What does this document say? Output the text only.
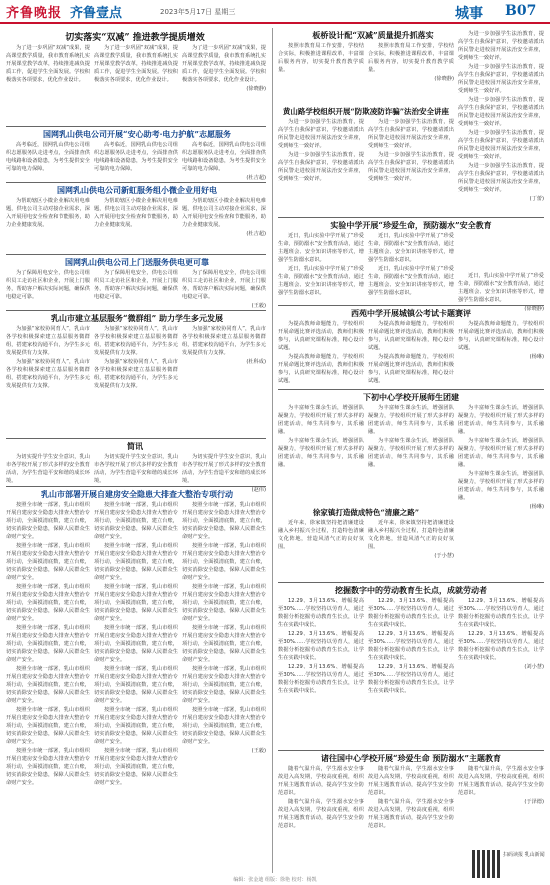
齐鲁晚报 齐鲁壹点	2023年5月17日 星期三	城事 B07
切实落实“双减” 推进教学提质增效

为了进一步巩固“双减”成果，提高课堂教学质量，我市教育系统扎实开展课堂教学改革，持续推进减负提质工作，促进学生全面发展。学校积极落实各项要求，优化作业设计。

为了进一步巩固“双减”成果，提高课堂教学质量，我市教育系统扎实开展课堂教学改革，持续推进减负提质工作，促进学生全面发展。学校积极落实各项要求，优化作业设计。

为了进一步巩固“双减”成果，提高课堂教学质量，我市教育系统扎实开展课堂教学改革，持续推进减负提质工作，促进学生全面发展。学校积极落实各项要求，优化作业设计。

(徐晓静)

国网乳山供电公司开展“安心助考·电力护航”志愿服务

高考临近，国网乳山供电公司组织志愿服务队走进考点，全面排查供电线路和设备隐患，为考生提供安全可靠的电力保障。

高考临近，国网乳山供电公司组织志愿服务队走进考点，全面排查供电线路和设备隐患，为考生提供安全可靠的电力保障。

高考临近，国网乳山供电公司组织志愿服务队走进考点，全面排查供电线路和设备隐患，为考生提供安全可靠的电力保障。

(杜吉超)

国网乳山供电公司新虹服务组小微企业用好电

为帮助辖区小微企业解决用电难题，供电公司主动对接企业需求，深入开展用电安全检查和节能服务，助力企业健康发展。

为帮助辖区小微企业解决用电难题，供电公司主动对接企业需求，深入开展用电安全检查和节能服务，助力企业健康发展。

为帮助辖区小微企业解决用电难题，供电公司主动对接企业需求，深入开展用电安全检查和节能服务，助力企业健康发展。

(杜吉超)

国网乳山供电公司上门送服务供电更可靠

为了保障用电安全，供电公司组织员工走访社区和企业，开展上门服务，帮助客户解决实际问题，确保供电稳定可靠。

为了保障用电安全，供电公司组织员工走访社区和企业，开展上门服务，帮助客户解决实际问题，确保供电稳定可靠。

为了保障用电安全，供电公司组织员工走访社区和企业，开展上门服务，帮助客户解决实际问题，确保供电稳定可靠。

(王毅)

乳山市建立基层服务“微群组” 助力学生多元发展

为加强“家校协同育人”，乳山市各学校积极探索建立基层服务微群组，搭建家校沟通平台，为学生多元发展提供有力支撑。

为加强“家校协同育人”，乳山市各学校积极探索建立基层服务微群组，搭建家校沟通平台，为学生多元发展提供有力支撑。

为加强“家校协同育人”，乳山市各学校积极探索建立基层服务微群组，搭建家校沟通平台，为学生多元发展提供有力支撑。

为加强“家校协同育人”，乳山市各学校积极探索建立基层服务微群组，搭建家校沟通平台，为学生多元发展提供有力支撑。

为加强“家校协同育人”，乳山市各学校积极探索建立基层服务微群组，搭建家校沟通平台，为学生多元发展提供有力支撑。

(杜科成)

简讯

为切实提升学生安全意识，乳山市各学校开展了形式多样的安全教育活动，为学生营造平安和谐的成长环境。

为切实提升学生安全意识，乳山市各学校开展了形式多样的安全教育活动，为学生营造平安和谐的成长环境。

为切实提升学生安全意识，乳山市各学校开展了形式多样的安全教育活动，为学生营造平安和谐的成长环境。

(赵伟)

乳山市部署开展自建房安全隐患大排查大整治专项行动

按照全市统一部署，乳山市组织开展自建房安全隐患大排查大整治专项行动，全面摸清底数，建立台账，切实消除安全隐患，保障人民群众生命财产安全。

按照全市统一部署，乳山市组织开展自建房安全隐患大排查大整治专项行动，全面摸清底数，建立台账，切实消除安全隐患，保障人民群众生命财产安全。

按照全市统一部署，乳山市组织开展自建房安全隐患大排查大整治专项行动，全面摸清底数，建立台账，切实消除安全隐患，保障人民群众生命财产安全。

按照全市统一部署，乳山市组织开展自建房安全隐患大排查大整治专项行动，全面摸清底数，建立台账，切实消除安全隐患，保障人民群众生命财产安全。

按照全市统一部署，乳山市组织开展自建房安全隐患大排查大整治专项行动，全面摸清底数，建立台账，切实消除安全隐患，保障人民群众生命财产安全。

按照全市统一部署，乳山市组织开展自建房安全隐患大排查大整治专项行动，全面摸清底数，建立台账，切实消除安全隐患，保障人民群众生命财产安全。

按照全市统一部署，乳山市组织开展自建房安全隐患大排查大整治专项行动，全面摸清底数，建立台账，切实消除安全隐患，保障人民群众生命财产安全。

按照全市统一部署，乳山市组织开展自建房安全隐患大排查大整治专项行动，全面摸清底数，建立台账，切实消除安全隐患，保障人民群众生命财产安全。

按照全市统一部署，乳山市组织开展自建房安全隐患大排查大整治专项行动，全面摸清底数，建立台账，切实消除安全隐患，保障人民群众生命财产安全。

按照全市统一部署，乳山市组织开展自建房安全隐患大排查大整治专项行动，全面摸清底数，建立台账，切实消除安全隐患，保障人民群众生命财产安全。

按照全市统一部署，乳山市组织开展自建房安全隐患大排查大整治专项行动，全面摸清底数，建立台账，切实消除安全隐患，保障人民群众生命财产安全。

按照全市统一部署，乳山市组织开展自建房安全隐患大排查大整治专项行动，全面摸清底数，建立台账，切实消除安全隐患，保障人民群众生命财产安全。

按照全市统一部署，乳山市组织开展自建房安全隐患大排查大整治专项行动，全面摸清底数，建立台账，切实消除安全隐患，保障人民群众生命财产安全。

按照全市统一部署，乳山市组织开展自建房安全隐患大排查大整治专项行动，全面摸清底数，建立台账，切实消除安全隐患，保障人民群众生命财产安全。

按照全市统一部署，乳山市组织开展自建房安全隐患大排查大整治专项行动，全面摸清底数，建立台账，切实消除安全隐患，保障人民群众生命财产安全。

按照全市统一部署，乳山市组织开展自建房安全隐患大排查大整治专项行动，全面摸清底数，建立台账，切实消除安全隐患，保障人民群众生命财产安全。

按照全市统一部署，乳山市组织开展自建房安全隐患大排查大整治专项行动，全面摸清底数，建立台账，切实消除安全隐患，保障人民群众生命财产安全。

按照全市统一部署，乳山市组织开展自建房安全隐患大排查大整治专项行动，全面摸清底数，建立台账，切实消除安全隐患，保障人民群众生命财产安全。

按照全市统一部署，乳山市组织开展自建房安全隐患大排查大整治专项行动，全面摸清底数，建立台账，切实消除安全隐患，保障人民群众生命财产安全。

按照全市统一部署，乳山市组织开展自建房安全隐患大排查大整治专项行动，全面摸清底数，建立台账，切实消除安全隐患，保障人民群众生命财产安全。

(王毅)

板桥设计配“双减”质量提升抓落实

按照市教育局工作安排，学校结合实际，积极推进课程改革，丰富课后服务内容，切实提升教育教学质量。

按照市教育局工作安排，学校结合实际，积极推进课程改革，丰富课后服务内容，切实提升教育教学质量。

(徐晓静)

为进一步加强学生法治教育，提高学生自我保护意识，学校邀请派出所民警走进校园开展法治安全讲座，受到师生一致好评。

为进一步加强学生法治教育，提高学生自我保护意识，学校邀请派出所民警走进校园开展法治安全讲座，受到师生一致好评。

为进一步加强学生法治教育，提高学生自我保护意识，学校邀请派出所民警走进校园开展法治安全讲座，受到师生一致好评。

为进一步加强学生法治教育，提高学生自我保护意识，学校邀请派出所民警走进校园开展法治安全讲座，受到师生一致好评。

为进一步加强学生法治教育，提高学生自我保护意识，学校邀请派出所民警走进校园开展法治安全讲座，受到师生一致好评。

(丁蕾)

黄山路学校组织开展“防欺凌防诈骗”法治安全讲座

为进一步加强学生法治教育，提高学生自我保护意识，学校邀请派出所民警走进校园开展法治安全讲座，受到师生一致好评。

为进一步加强学生法治教育，提高学生自我保护意识，学校邀请派出所民警走进校园开展法治安全讲座，受到师生一致好评。

为进一步加强学生法治教育，提高学生自我保护意识，学校邀请派出所民警走进校园开展法治安全讲座，受到师生一致好评。

为进一步加强学生法治教育，提高学生自我保护意识，学校邀请派出所民警走进校园开展法治安全讲座，受到师生一致好评。

实验中学开展“珍爱生命，预防溺水”安全教育

近日，乳山实验中学开展了“珍爱生命，预防溺水”安全教育活动，通过主题班会、安全知识讲座等形式，增强学生防溺水意识。

近日，乳山实验中学开展了“珍爱生命，预防溺水”安全教育活动，通过主题班会、安全知识讲座等形式，增强学生防溺水意识。

近日，乳山实验中学开展了“珍爱生命，预防溺水”安全教育活动，通过主题班会、安全知识讲座等形式，增强学生防溺水意识。

近日，乳山实验中学开展了“珍爱生命，预防溺水”安全教育活动，通过主题班会、安全知识讲座等形式，增强学生防溺水意识。

近日，乳山实验中学开展了“珍爱生命，预防溺水”安全教育活动，通过主题班会、安全知识讲座等形式，增强学生防溺水意识。

(徐晓静)

西苑中学开展城镇公考试卡题赛评

为提高教师命题能力，学校组织开展命题比赛评选活动，教师们积极参与，认真研究课程标准，精心设计试题。

为提高教师命题能力，学校组织开展命题比赛评选活动，教师们积极参与，认真研究课程标准，精心设计试题。

为提高教师命题能力，学校组织开展命题比赛评选活动，教师们积极参与，认真研究课程标准，精心设计试题。

为提高教师命题能力，学校组织开展命题比赛评选活动，教师们积极参与，认真研究课程标准，精心设计试题。

为提高教师命题能力，学校组织开展命题比赛评选活动，教师们积极参与，认真研究课程标准，精心设计试题。

(杨琳)

下初中心学校开展师生团建

为丰富师生课余生活，增强团队凝聚力，学校组织开展了形式多样的团建活动，师生共同参与，其乐融融。

为丰富师生课余生活，增强团队凝聚力，学校组织开展了形式多样的团建活动，师生共同参与，其乐融融。

为丰富师生课余生活，增强团队凝聚力，学校组织开展了形式多样的团建活动，师生共同参与，其乐融融。

为丰富师生课余生活，增强团队凝聚力，学校组织开展了形式多样的团建活动，师生共同参与，其乐融融。

为丰富师生课余生活，增强团队凝聚力，学校组织开展了形式多样的团建活动，师生共同参与，其乐融融。

为丰富师生课余生活，增强团队凝聚力，学校组织开展了形式多样的团建活动，师生共同参与，其乐融融。

为丰富师生课余生活，增强团队凝聚力，学校组织开展了形式多样的团建活动，师生共同参与，其乐融融。

(杨琳)

徐家镇打造做成特色“清廉之路”

近年来，徐家镇坚持把清廉建设融入乡村振兴全过程，打造特色清廉文化阵地，营造风清气正的良好氛围。

近年来，徐家镇坚持把清廉建设融入乡村振兴全过程，打造特色清廉文化阵地，营造风清气正的良好氛围。

(于小慧)

挖掘数字中的劳动教育生长点，成就劳动者

12.29、3月13.6%、增幅提高至30%……学校坚持以劳育人，通过数据分析挖掘劳动教育生长点，让学生在实践中成长。

12.29、3月13.6%、增幅提高至30%……学校坚持以劳育人，通过数据分析挖掘劳动教育生长点，让学生在实践中成长。

12.29、3月13.6%、增幅提高至30%……学校坚持以劳育人，通过数据分析挖掘劳动教育生长点，让学生在实践中成长。

12.29、3月13.6%、增幅提高至30%……学校坚持以劳育人，通过数据分析挖掘劳动教育生长点，让学生在实践中成长。

12.29、3月13.6%、增幅提高至30%……学校坚持以劳育人，通过数据分析挖掘劳动教育生长点，让学生在实践中成长。

12.29、3月13.6%、增幅提高至30%……学校坚持以劳育人，通过数据分析挖掘劳动教育生长点，让学生在实践中成长。

12.29、3月13.6%、增幅提高至30%……学校坚持以劳育人，通过数据分析挖掘劳动教育生长点，让学生在实践中成长。

12.29、3月13.6%、增幅提高至30%……学校坚持以劳育人，通过数据分析挖掘劳动教育生长点，让学生在实践中成长。

(刘小慧)

诸往国中心学校开展“珍爱生命 预防溺水”主题教育

随着气温升高，学生溺水安全事故进入高发期，学校高度重视，组织开展主题教育活动，提高学生安全防范意识。

随着气温升高，学生溺水安全事故进入高发期，学校高度重视，组织开展主题教育活动，提高学生安全防范意识。

随着气温升高，学生溺水安全事故进入高发期，学校高度重视，组织开展主题教育活动，提高学生安全防范意识。

随着气温升高，学生溺水安全事故进入高发期，学校高度重视，组织开展主题教育活动，提高学生安全防范意识。

随着气温升高，学生溺水安全事故进入高发期，学校高度重视，组织开展主题教育活动，提高学生安全防范意识。

(于泽德)

扫码读报 乳山新闻
编辑：张金迪 组版：徐艳 校对：杨凯
